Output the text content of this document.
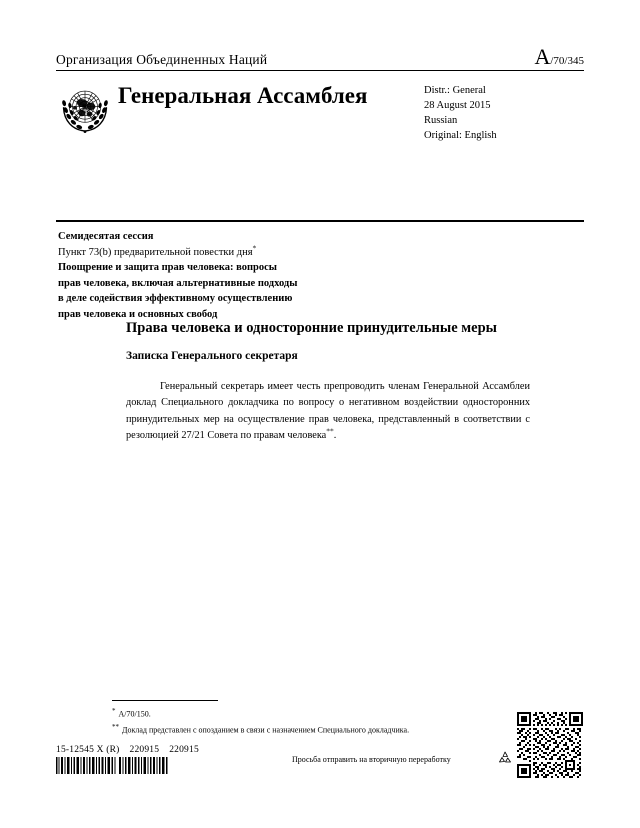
Организация Объединенных Наций	A/70/345
Генеральная Ассамблея	Distr.: General
28 August 2015
Russian
Original: English
Семидесятая сессия
Пункт 73(b) предварительной повестки дня*
Поощрение и защита прав человека: вопросы
прав человека, включая альтернативные подходы
в деле содействия эффективному осуществлению
прав человека и основных свобод
Права человека и односторонние принудительные меры
Записка Генерального секретаря
Генеральный секретарь имеет честь препроводить членам Генеральной Ассамблеи доклад Специального докладчика по вопросу о негативном воздействии односторонних принудительных мер на осуществление прав человека, представленный в соответствии с резолюцией 27/21 Совета по правам человека**.
* A/70/150.
** Доклад представлен с опозданием в связи с назначением Специального докладчика.
15-12545 X (R) 220915 220915
Просьба отправить на вторичную переработку
